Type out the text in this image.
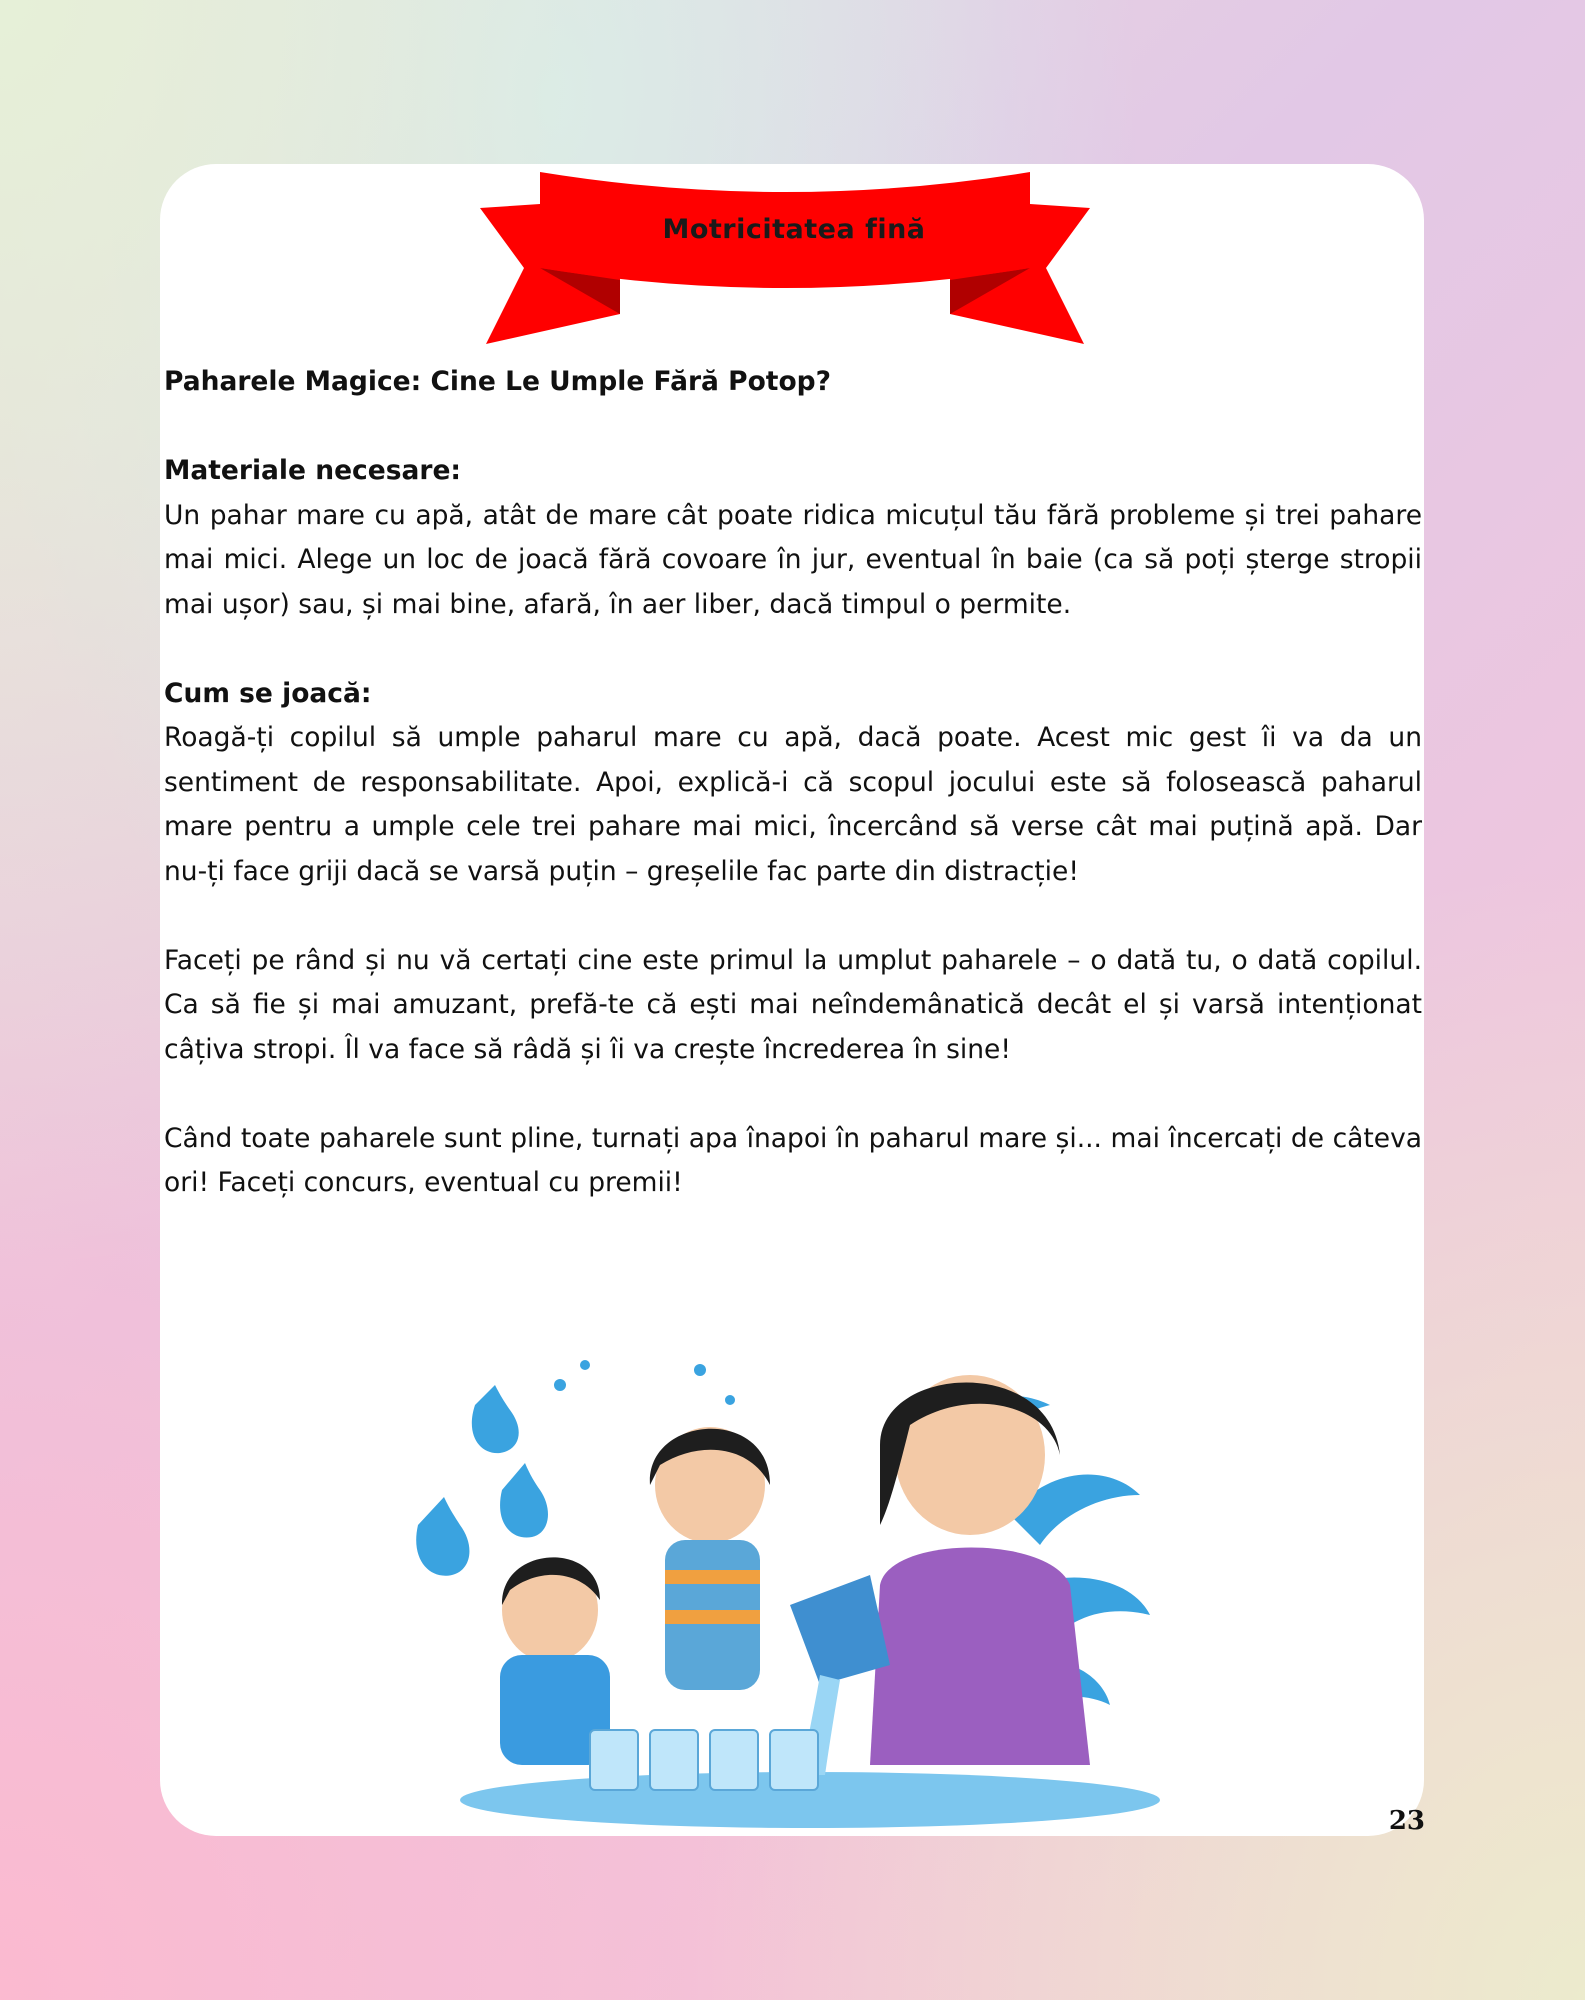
Motricitatea fină

Paharele Magice: Cine Le Umple Fără Potop?

Materiale necesare:

Un pahar mare cu apă, atât de mare cât poate ridica micuțul tău fără probleme și trei pahare mai mici. Alege un loc de joacă fără covoare în jur, eventual în baie (ca să poți șterge stropii mai ușor) sau, și mai bine, afară, în aer liber, dacă timpul o permite.

Cum se joacă:

Roagă-ți copilul să umple paharul mare cu apă, dacă poate. Acest mic gest îi va da un sentiment de responsabilitate. Apoi, explică-i că scopul jocului este să folosească paharul mare pentru a umple cele trei pahare mai mici, încercând să verse cât mai puțină apă. Dar nu-ți face griji dacă se varsă puțin – greșelile fac parte din distracție!

Faceți pe rând și nu vă certați cine este primul la umplut paharele – o dată tu, o dată copilul. Ca să fie și mai amuzant, prefă-te că ești mai neîndemânatică decât el și varsă intenționat câțiva stropi. Îl va face să râdă și îi va crește încrederea în sine!

Când toate paharele sunt pline, turnați apa înapoi în paharul mare și... mai încercați de câteva ori! Faceți concurs, eventual cu premii!

23
